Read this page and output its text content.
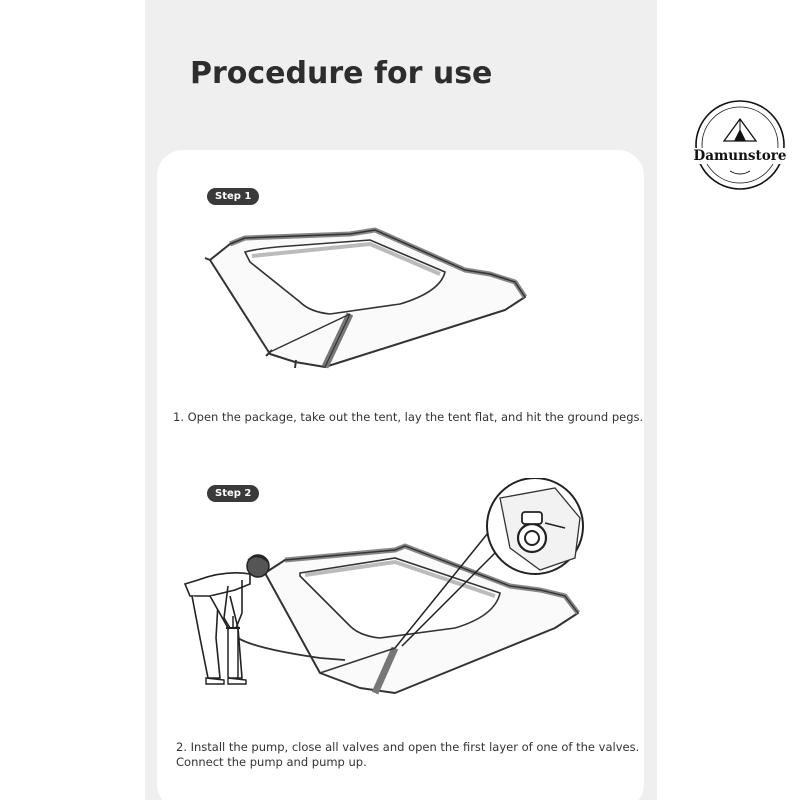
Procedure for use
Step 1
1. Open the package, take out the tent, lay the tent flat, and hit the ground pegs.
Step 2
2. Install the pump, close all valves and open the first layer of one of the valves.
Connect the pump and pump up.
Damunstore
